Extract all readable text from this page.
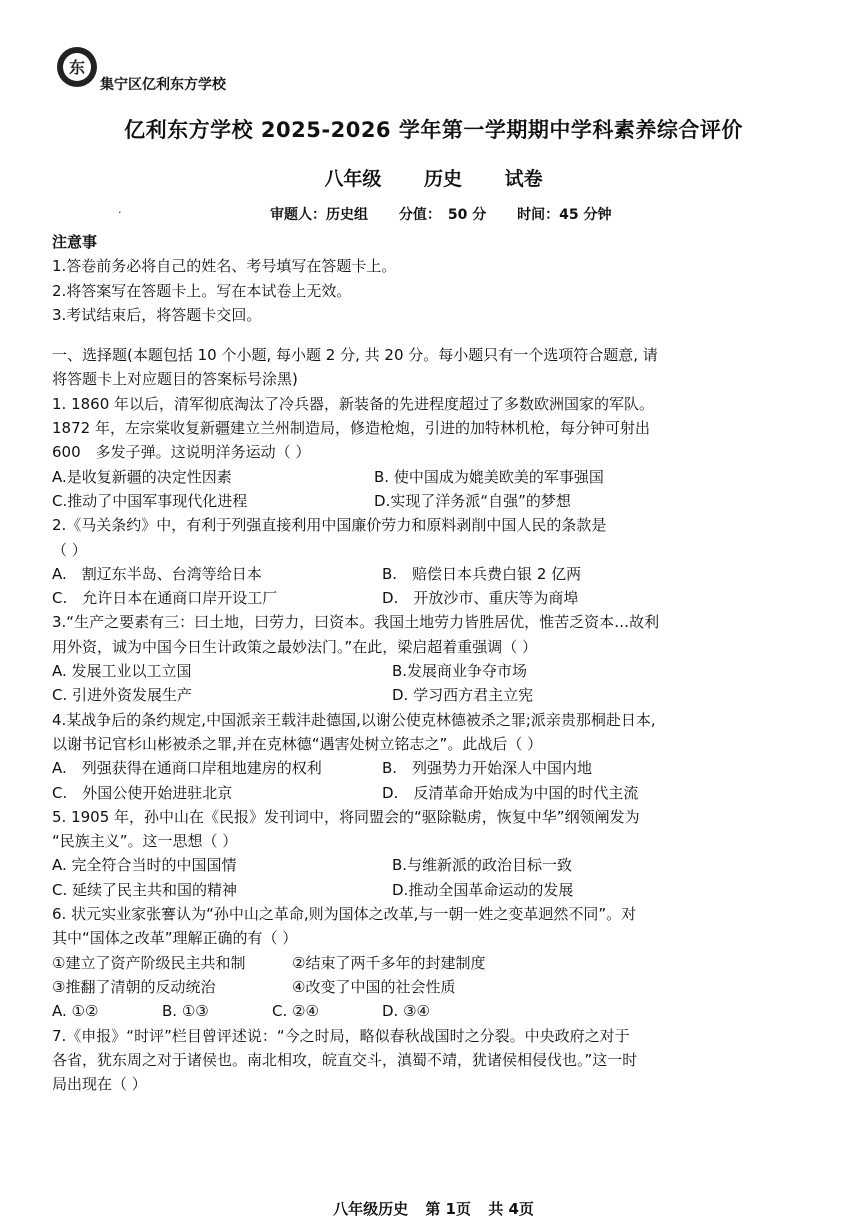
东
集宁区亿利东方学校
亿利东方学校 2025-2026 学年第一学期期中学科素养综合评价
八年级 历史 试卷
·	审题人：历史组 分值：　50 分 时间：45 分钟
注意事
1.答卷前务必将自己的姓名、考号填写在答题卡上。
2.将答案写在答题卡上。写在本试卷上无效。
3.考试结束后，将答题卡交回。
一、选择题(本题包括 10 个小题, 每小题 2 分, 共 20 分。每小题只有一个选项符合题意, 请
将答题卡上对应题目的答案标号涂黑)
1. 1860 年以后，清军彻底淘汰了冷兵器，新装备的先进程度超过了多数欧洲国家的军队。
1872 年，左宗棠收复新疆建立兰州制造局，修造枪炮，引进的加特林机枪，每分钟可射出
600　多发子弹。这说明洋务运动（ ）
A.是收复新疆的决定性因素	B. 使中国成为媲美欧美的军事强国
C.推动了中国军事现代化进程	D.实现了洋务派“自强”的梦想
2.《马关条约》中，有利于列强直接利用中国廉价劳力和原料剥削中国人民的条款是
（ ）
A.　割辽东半岛、台湾等给日本	B.　赔偿日本兵费白银 2 亿两
C.　允许日本在通商口岸开设工厂	D.　开放沙市、重庆等为商埠
3.“生产之要素有三：曰土地，曰劳力，曰资本。我国土地劳力皆胜居优，惟苦乏资本…故利
用外资，诚为中国今日生计政策之最妙法门。”在此，梁启超着重强调（ ）
A. 发展工业以工立国	B.发展商业争夺市场
C. 引进外资发展生产	D. 学习西方君主立宪
4.某战争后的条约规定,中国派亲王载沣赴德国,以谢公使克林德被杀之罪;派亲贵那桐赴日本,
以谢书记官杉山彬被杀之罪,并在克林德“遇害处树立铭志之”。此战后（ ）
A.　列强获得在通商口岸租地建房的权利	B.　列强势力开始深人中国内地
C.　外国公使开始进驻北京	D.　反清革命开始成为中国的时代主流
5. 1905 年，孙中山在《民报》发刊词中，将同盟会的“驱除鞑虏，恢复中华”纲领阐发为
“民族主义”。这一思想（ ）
A. 完全符合当时的中国国情	B.与维新派的政治目标一致
C. 延续了民主共和国的精神	D.推动全国革命运动的发展
6. 状元实业家张謇认为“孙中山之革命,则为国体之改革,与一朝一姓之变革迥然不同”。对
其中“国体之改革”理解正确的有（ ）
①建立了资产阶级民主共和制	②结束了两千多年的封建制度
③推翻了清朝的反动统治	④改变了中国的社会性质
A. ①②	B. ①③	C. ②④	D. ③④
7.《申报》“时评”栏目曾评述说：“今之时局，略似春秋战国时之分裂。中央政府之对于
各省，犹东周之对于诸侯也。南北相攻，皖直交斗，滇蜀不靖，犹诸侯相侵伐也。”这一时
局出现在（ ）
八年级历史 第 1页 共 4页
